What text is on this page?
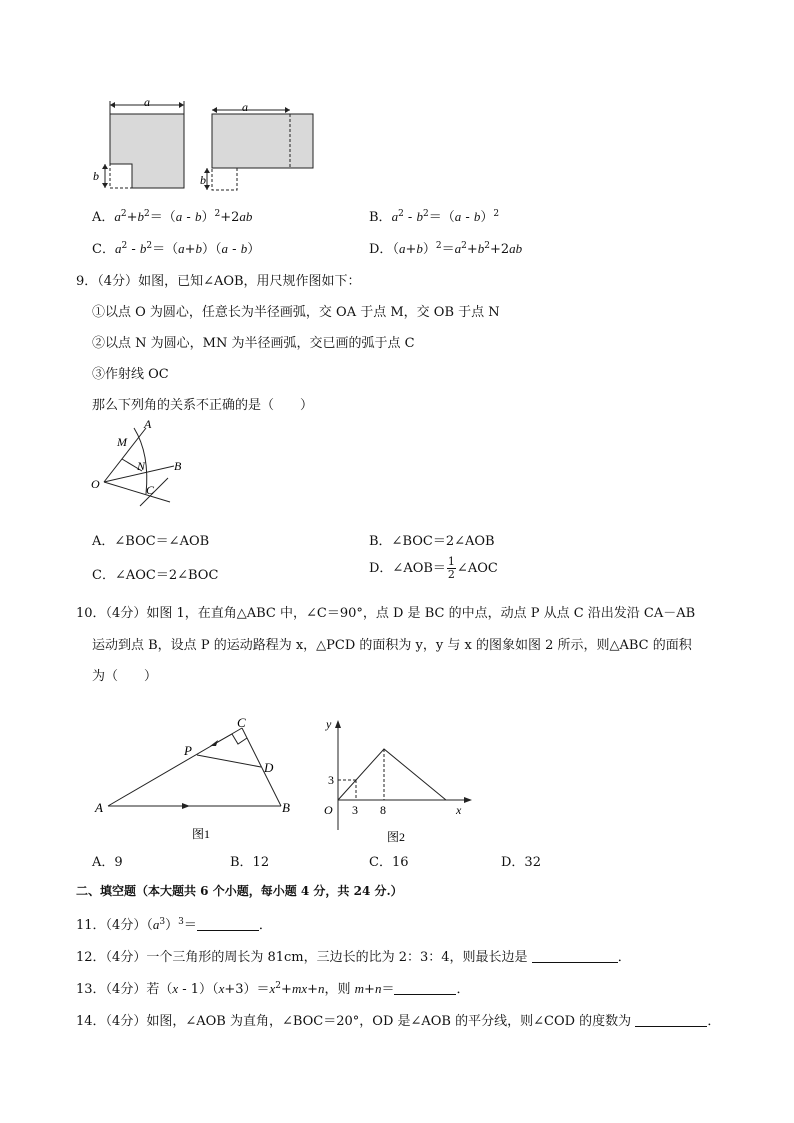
a
b
a
b
A．$a^2+b^2=(a - b)^2+2ab$	B．$a^2 - b^2=(a - b)^2$
C．$a^2 - b^2=(a+b)(a - b)$	D．$(a+b)^2=a^2+b^2+2ab$
9．（4分）如图，已知∠AOB，用尺规作图如下：
①以点 O 为圆心，任意长为半径画弧，交 OA 于点 M，交 OB 于点 N
②以点 N 为圆心，MN 为半径画弧，交已画的弧于点 C
③作射线 OC
那么下列角的关系不正确的是（　　）
A
M
N B
O	C
A．∠BOC＝∠AOB	B．∠BOC＝2∠AOB
C．∠AOC＝2∠BOC	D．∠AOB＝ $\frac{1}{2}$ ∠AOC
10．（4分）如图 1，在直角△ABC 中，∠C＝90°，点 D 是 BC 的中点，动点 P 从点 C 沿出发沿 CA－AB
运动到点 B，设点 P 的运动路程为 x，△PCD 的面积为 y，y 与 x 的图象如图 2 所示，则△ABC 的面积
为（　　）
A	B
C
D
P
图1
y
x
O 3 8
3
图2
A．9	B．12	C．16	D．32
二、填空题（本大题共 6 个小题，每小题 4 分，共 24 分.）
11．（4分）$(a^3)^3=$	．
12．（4分）一个三角形的周长为 81cm，三边长的比为 2：3：4，则最长边是	．
13．（4分）若$(x - 1)(x+3)=x^2+mx+n$，则 m+n＝	．
14．（4分）如图，∠AOB 为直角，∠BOC＝20°，OD 是∠AOB 的平分线，则∠COD 的度数为	．
